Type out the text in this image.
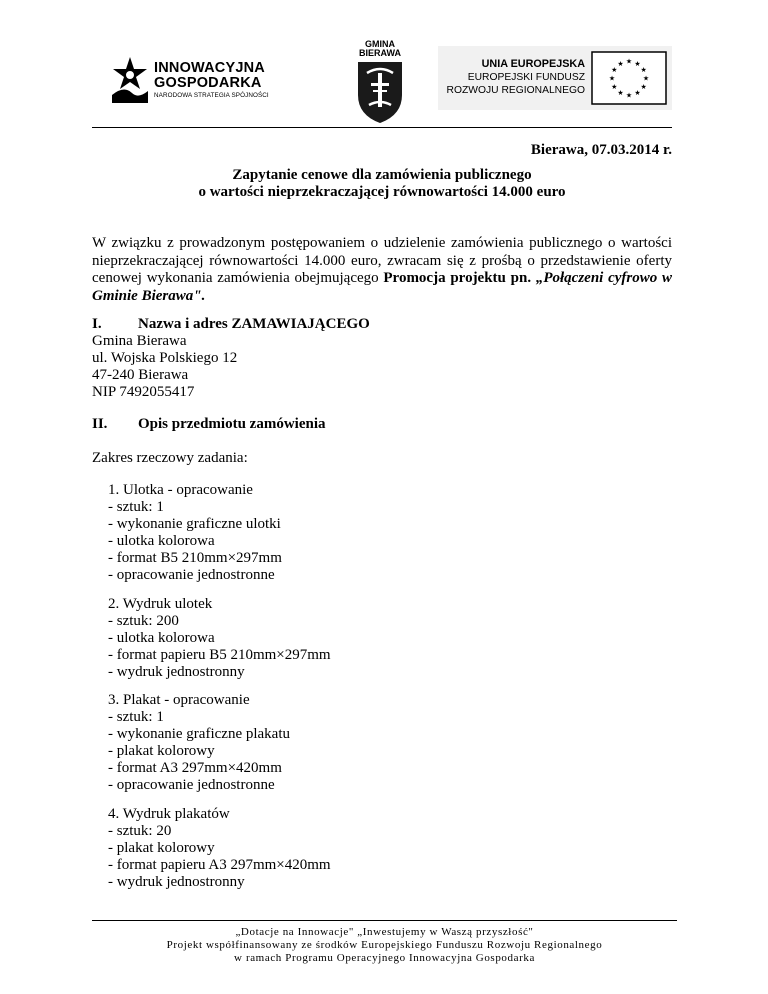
INNOWACYJNA
GOSPODARKA
NARODOWA STRATEGIA SPÓJNOŚCI
GMINA
BIERAWA
UNIA EUROPEJSKA
EUROPEJSKI FUNDUSZ
ROZWOJU REGIONALNEGO
★ ★
★
★
★
★
★
★
★
★
★
★

Bierawa, 07.03.2014 r.

Zapytanie cenowe dla zamówienia publicznego
o wartości nieprzekraczającej równowartości 14.000 euro

W związku z prowadzonym postępowaniem o udzielenie zamówienia publicznego o wartości nieprzekraczającej równowartości 14.000 euro, zwracam się z prośbą o przedstawienie oferty cenowej wykonania zamówienia obejmującego Promocja projektu pn. „Połączeni cyfrowo w Gminie Bierawa".

I. Nazwa i adres ZAMAWIAJĄCEGO
Gmina Bierawa
ul. Wojska Polskiego 12
47-240 Bierawa
NIP 7492055417
II. Opis przedmiotu zamówienia
Zakres rzeczowy zadania:
1. Ulotka - opracowanie
- sztuk: 1
- wykonanie graficzne ulotki
- ulotka kolorowa
- format B5 210mm×297mm
- opracowanie jednostronne
2. Wydruk ulotek
- sztuk: 200
- ulotka kolorowa
- format papieru B5 210mm×297mm
- wydruk jednostronny
3. Plakat - opracowanie
- sztuk: 1
- wykonanie graficzne plakatu
- plakat kolorowy
- format A3 297mm×420mm
- opracowanie jednostronne
4. Wydruk plakatów
- sztuk: 20
- plakat kolorowy
- format papieru A3 297mm×420mm
- wydruk jednostronny
„Dotacje na Innowacje" „Inwestujemy w Waszą przyszłość"
Projekt współfinansowany ze środków Europejskiego Funduszu Rozwoju Regionalnego
w ramach Programu Operacyjnego Innowacyjna Gospodarka
